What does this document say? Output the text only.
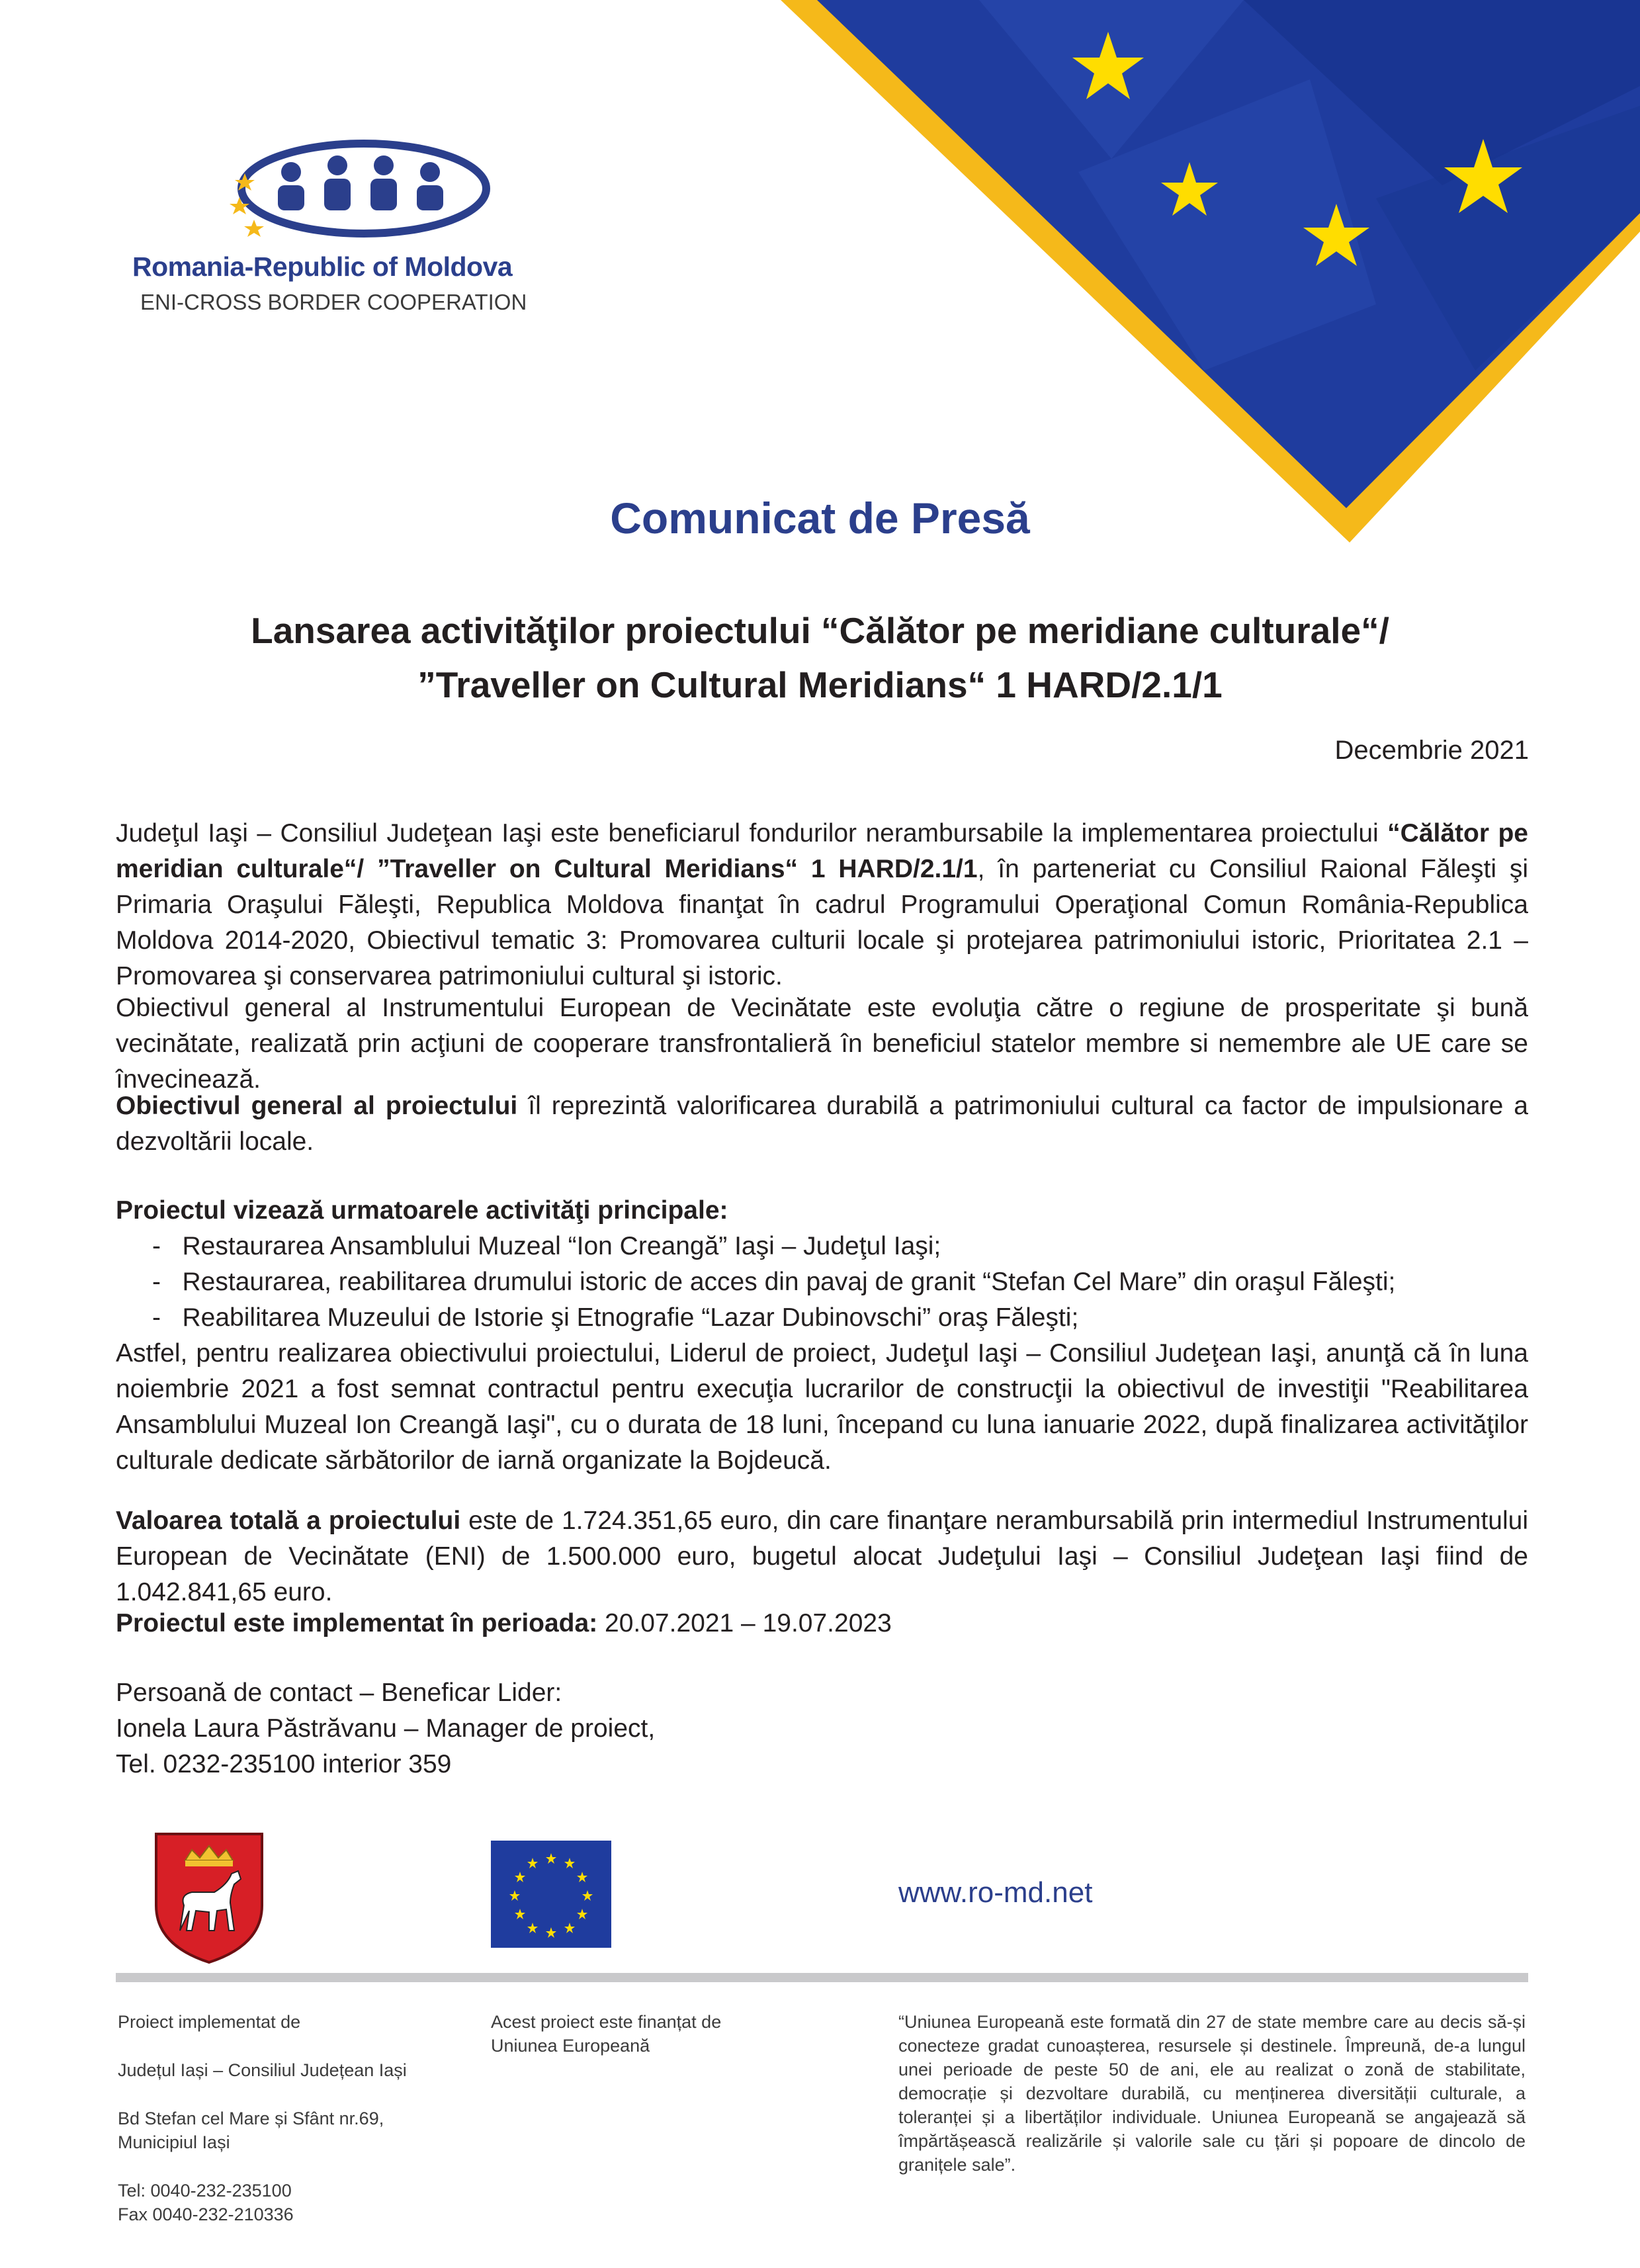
Romania-Republic of Moldova
ENI-CROSS BORDER COOPERATION
Comunicat de Presă
Lansarea activităţilor proiectului “Călător pe meridiane culturale“/
”Traveller on Cultural Meridians“ 1 HARD/2.1/1
Decembrie 2021
Judeţul Iaşi – Consiliul Judeţean Iaşi este beneficiarul fondurilor nerambursabile la implementarea proiectului “Călător pe meridian culturale“/ ”Traveller on Cultural Meridians“ 1 HARD/2.1/1, în parteneriat cu Consiliul Raional Făleşti şi Primaria Oraşului Făleşti, Republica Moldova finanţat în cadrul Programului Operaţional Comun România-Republica Moldova 2014-2020, Obiectivul tematic 3: Promovarea culturii locale şi protejarea patrimoniului istoric, Prioritatea 2.1 – Promovarea şi conservarea patrimoniului cultural şi istoric.
Obiectivul general al Instrumentului European de Vecinătate este evoluţia către o regiune de prosperitate şi bună vecinătate, realizată prin acţiuni de cooperare transfrontalieră în beneficiul statelor membre si nemembre ale UE care se învecinează.
Obiectivul general al proiectului îl reprezintă valorificarea durabilă a patrimoniului cultural ca factor de impulsionare a dezvoltării locale.
Proiectul vizează urmatoarele activităţi principale:
- Restaurarea Ansamblului Muzeal “Ion Creangă” Iaşi – Judeţul Iaşi;
- Restaurarea, reabilitarea drumului istoric de acces din pavaj de granit “Stefan Cel Mare” din oraşul Făleşti;
- Reabilitarea Muzeului de Istorie şi Etnografie “Lazar Dubinovschi” oraş Făleşti;
Astfel, pentru realizarea obiectivului proiectului, Liderul de proiect, Judeţul Iaşi – Consiliul Judeţean Iaşi, anunţă că în luna noiembrie 2021 a fost semnat contractul pentru execuţia lucrarilor de construcţii la obiectivul de investiţii "Reabilitarea Ansamblului Muzeal Ion Creangă Iaşi", cu o durata de 18 luni, începand cu luna ianuarie 2022, după finalizarea activităţilor culturale dedicate sărbătorilor de iarnă organizate la Bojdeucă.
Valoarea totală a proiectului este de 1.724.351,65 euro, din care finanţare nerambursabilă prin intermediul Instrumentului European de Vecinătate (ENI) de 1.500.000 euro, bugetul alocat Judeţului Iaşi – Consiliul Judeţean Iaşi fiind de 1.042.841,65 euro.
Proiectul este implementat în perioada: 20.07.2021 – 19.07.2023
Persoană de contact – Beneficar Lider:
Ionela Laura Păstrăvanu – Manager de proiect,
Tel. 0232-235100 interior 359
www.ro-md.net

Proiect implementat de

Județul Iași – Consiliul Județean Iași

Bd Stefan cel Mare și Sfânt nr.69, Municipiul Iași

Tel: 0040-232-235100
Fax 0040-232-210336
Acest proiect este finanțat de Uniunea Europeană
“Uniunea Europeană este formată din 27 de state membre care au decis să-și conecteze gradat cunoașterea, resursele și destinele. Împreună, de-a lungul unei perioade de peste 50 de ani, ele au realizat o zonă de stabilitate, democrație și dezvoltare durabilă, cu menținerea diversității culturale, a toleranței și a libertăților individuale. Uniunea Europeană se angajează să împărtășească realizările și valorile sale cu țări și popoare de dincolo de granițele sale”.
